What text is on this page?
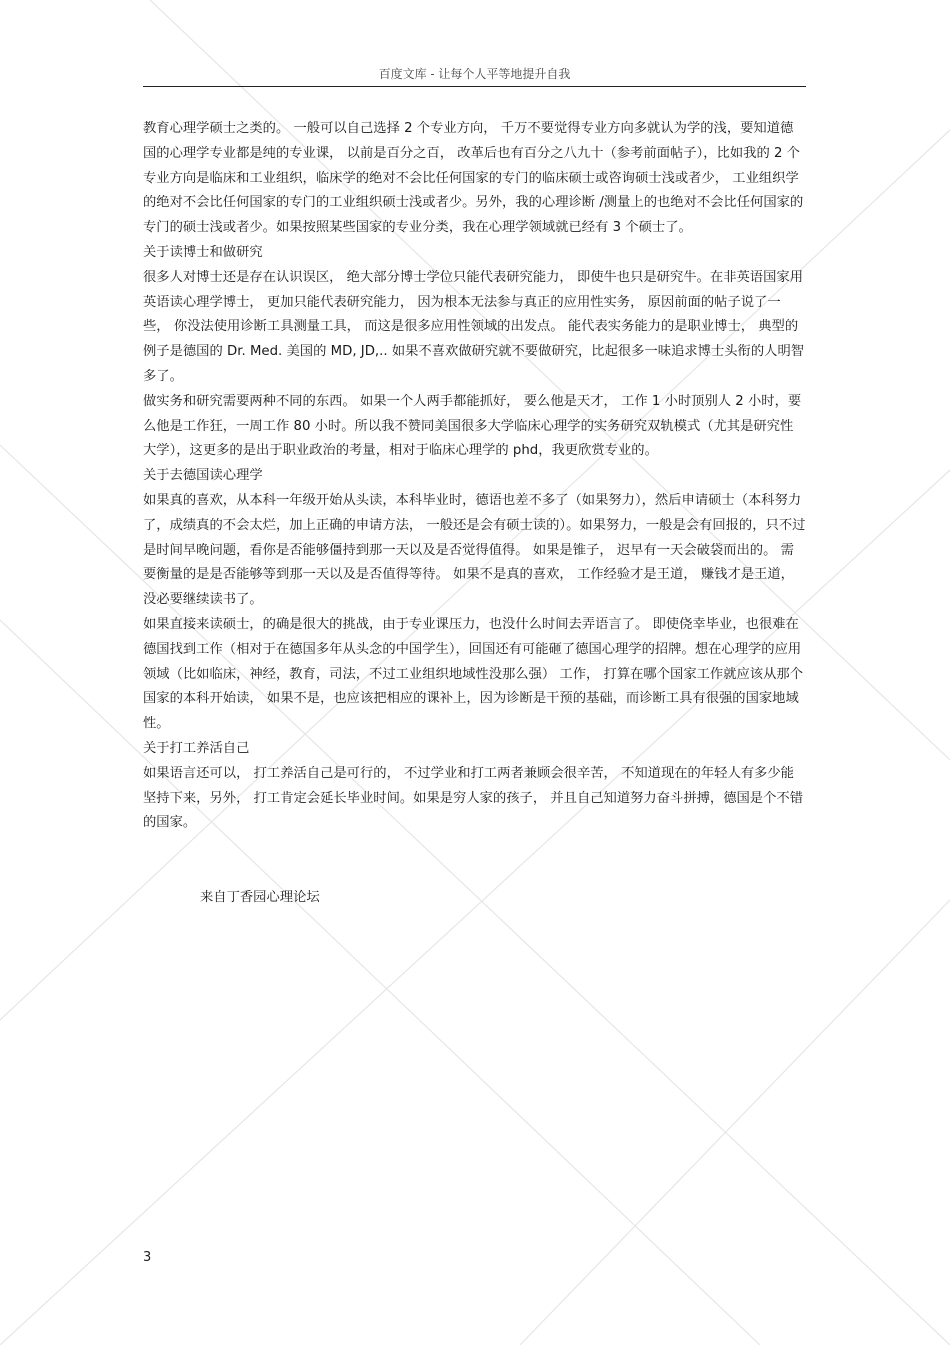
百度文库 - 让每个人平等地提升自我

教育心理学硕士之类的。 一般可以自己选择 2 个专业方向， 千万不要觉得专业方向多就认为学的浅，要知道德国的心理学专业都是纯的专业课， 以前是百分之百， 改革后也有百分之八九十（参考前面帖子），比如我的 2 个专业方向是临床和工业组织，临床学的绝对不会比任何国家的专门的临床硕士或咨询硕士浅或者少， 工业组织学的绝对不会比任何国家的专门的工业组织硕士浅或者少。另外，我的心理诊断 /测量上的也绝对不会比任何国家的专门的硕士浅或者少。如果按照某些国家的专业分类，我在心理学领域就已经有 3 个硕士了。

关于读博士和做研究

很多人对博士还是存在认识误区， 绝大部分博士学位只能代表研究能力， 即使牛也只是研究牛。在非英语国家用英语读心理学博士， 更加只能代表研究能力， 因为根本无法参与真正的应用性实务， 原因前面的帖子说了一些， 你没法使用诊断工具测量工具， 而这是很多应用性领域的出发点。 能代表实务能力的是职业博士， 典型的例子是德国的 Dr. Med. 美国的 MD, JD,.. 如果不喜欢做研究就不要做研究，比起很多一味追求博士头衔的人明智多了。

做实务和研究需要两种不同的东西。 如果一个人两手都能抓好， 要么他是天才， 工作 1 小时顶别人 2 小时，要么他是工作狂，一周工作 80 小时。所以我不赞同美国很多大学临床心理学的实务研究双轨模式（尤其是研究性大学），这更多的是出于职业政治的考量，相对于临床心理学的 phd，我更欣赏专业的。

关于去德国读心理学

如果真的喜欢，从本科一年级开始从头读，本科毕业时，德语也差不多了（如果努力），然后申请硕士（本科努力了，成绩真的不会太烂，加上正确的申请方法， 一般还是会有硕士读的）。如果努力，一般是会有回报的，只不过是时间早晚问题，看你是否能够僵持到那一天以及是否觉得值得。 如果是锥子， 迟早有一天会破袋而出的。 需要衡量的是是否能够等到那一天以及是否值得等待。 如果不是真的喜欢， 工作经验才是王道， 赚钱才是王道， 没必要继续读书了。

如果直接来读硕士，的确是很大的挑战，由于专业课压力，也没什么时间去弄语言了。 即使侥幸毕业，也很难在德国找到工作（相对于在德国多年从头念的中国学生），回国还有可能砸了德国心理学的招牌。想在心理学的应用领域（比如临床，神经，教育，司法，不过工业组织地域性没那么强） 工作， 打算在哪个国家工作就应该从那个国家的本科开始读， 如果不是，也应该把相应的课补上，因为诊断是干预的基础，而诊断工具有很强的国家地域性。

关于打工养活自己

如果语言还可以， 打工养活自己是可行的， 不过学业和打工两者兼顾会很辛苦， 不知道现在的年轻人有多少能坚持下来，另外， 打工肯定会延长毕业时间。如果是穷人家的孩子， 并且自己知道努力奋斗拼搏，德国是个不错的国家。

来自丁香园心理论坛

3
